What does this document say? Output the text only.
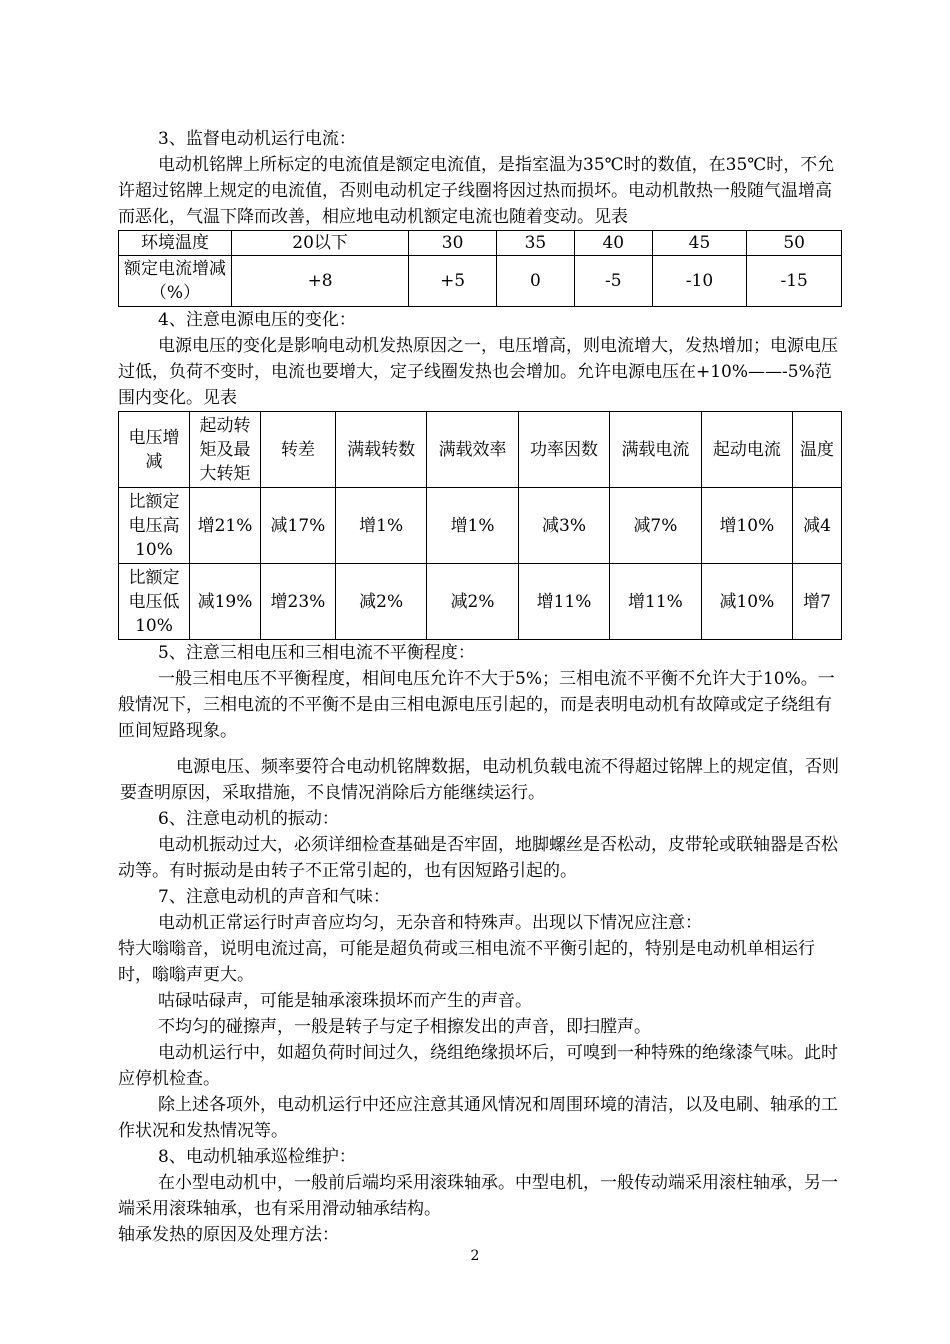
3、监督电动机运行电流：

电动机铭牌上所标定的电流值是额定电流值，是指室温为35℃时的数值，在35℃时，不允许超过铭牌上规定的电流值，否则电动机定子线圈将因过热而损坏。电动机散热一般随气温增高而恶化，气温下降而改善，相应地电动机额定电流也随着变动。见表

环境温度	20以下	30	35	40	45	50
额定电流增减（%）	+8	+5	0	-5	-10	-15

4、注意电源电压的变化：

电源电压的变化是影响电动机发热原因之一，电压增高，则电流增大，发热增加；电源电压过低，负荷不变时，电流也要增大，定子线圈发热也会增加。允许电源电压在+10%——-5%范围内变化。见表

电压增减	起动转矩及最大转矩	转差	满载转数	满载效率	功率因数	满载电流	起动电流	温度
比额定电压高10%	增21%	减17%	增1%	增1%	减3%	减7%	增10%	减4
比额定电压低10%	减19%	增23%	减2%	减2%	增11%	增11%	减10%	增7

5、注意三相电压和三相电流不平衡程度：

一般三相电压不平衡程度，相间电压允许不大于5%；三相电流不平衡不允许大于10%。一般情况下，三相电流的不平衡不是由三相电源电压引起的，而是表明电动机有故障或定子绕组有匝间短路现象。

电源电压、频率要符合电动机铭牌数据，电动机负载电流不得超过铭牌上的规定值，否则要查明原因，采取措施，不良情况消除后方能继续运行。

6、注意电动机的振动：

电动机振动过大，必须详细检查基础是否牢固，地脚螺丝是否松动，皮带轮或联轴器是否松动等。有时振动是由转子不正常引起的，也有因短路引起的。

7、注意电动机的声音和气味：

电动机正常运行时声音应均匀，无杂音和特殊声。出现以下情况应注意：

特大嗡嗡音，说明电流过高，可能是超负荷或三相电流不平衡引起的，特别是电动机单相运行时，嗡嗡声更大。

咕碌咕碌声，可能是轴承滚珠损坏而产生的声音。

不均匀的碰擦声，一般是转子与定子相擦发出的声音，即扫膛声。

电动机运行中，如超负荷时间过久，绕组绝缘损坏后，可嗅到一种特殊的绝缘漆气味。此时应停机检查。

除上述各项外，电动机运行中还应注意其通风情况和周围环境的清洁，以及电刷、轴承的工作状况和发热情况等。

8、电动机轴承巡检维护：

在小型电动机中，一般前后端均采用滚珠轴承。中型电机，一般传动端采用滚柱轴承，另一端采用滚珠轴承，也有采用滑动轴承结构。

轴承发热的原因及处理方法：

2
